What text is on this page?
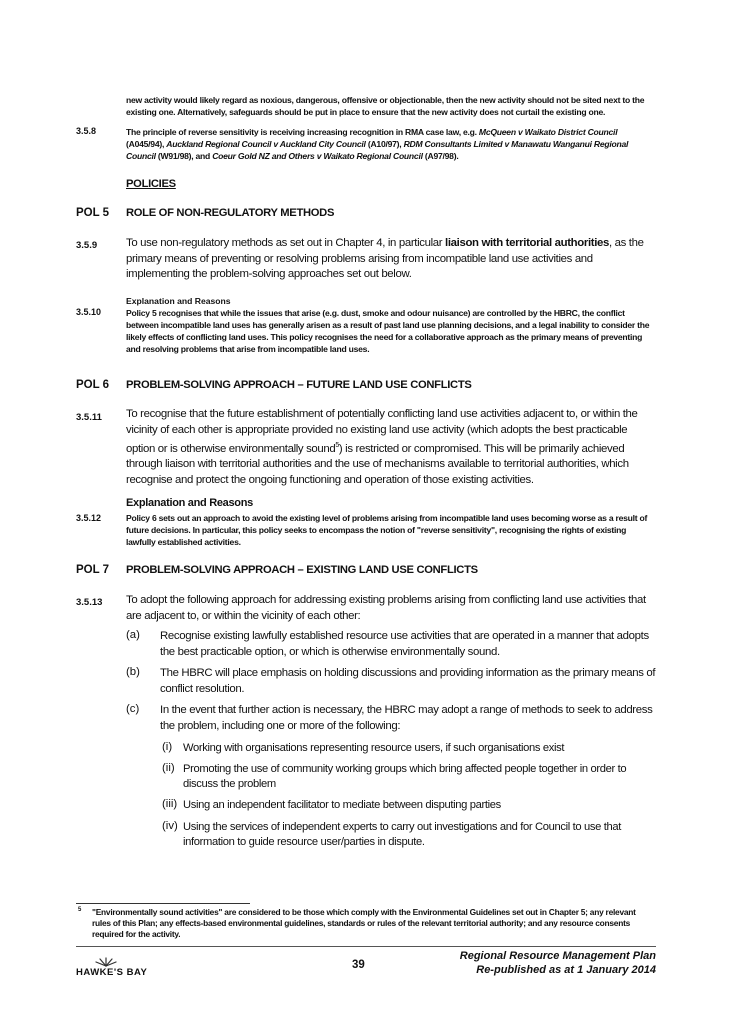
new activity would likely regard as noxious, dangerous, offensive or objectionable, then the new activity should not be sited next to the existing one. Alternatively, safeguards should be put in place to ensure that the new activity does not curtail the existing one.
3.5.8	The principle of reverse sensitivity is receiving increasing recognition in RMA case law, e.g. McQueen v Waikato District Council (A045/94), Auckland Regional Council v Auckland City Council (A10/97), RDM Consultants Limited v Manawatu Wanganui Regional Council (W91/98), and Coeur Gold NZ and Others v Waikato Regional Council (A97/98).
POLICIES
POL 5 ROLE OF NON-REGULATORY METHODS
3.5.9	To use non-regulatory methods as set out in Chapter 4, in particular liaison with territorial authorities, as the primary means of preventing or resolving problems arising from incompatible land use activities and implementing the problem-solving approaches set out below.
Explanation and Reasons
3.5.10	Policy 5 recognises that while the issues that arise (e.g. dust, smoke and odour nuisance) are controlled by the HBRC, the conflict between incompatible land uses has generally arisen as a result of past land use planning decisions, and a legal inability to consider the likely effects of conflicting land uses. This policy recognises the need for a collaborative approach as the primary means of preventing and resolving problems that arise from incompatible land uses.
POL 6 PROBLEM-SOLVING APPROACH – FUTURE LAND USE CONFLICTS
3.5.11 To recognise that the future establishment of potentially conflicting land use activities adjacent to, or within the vicinity of each other is appropriate provided no existing land use activity (which adopts the best practicable option or is otherwise environmentally sound$^5$) is restricted or compromised. This will be primarily achieved through liaison with territorial authorities and the use of mechanisms available to territorial authorities, which recognise and protect the ongoing functioning and operation of those existing activities.
Explanation and Reasons
3.5.12	Policy 6 sets out an approach to avoid the existing level of problems arising from incompatible land uses becoming worse as a result of future decisions. In particular, this policy seeks to encompass the notion of "reverse sensitivity", recognising the rights of existing lawfully established activities.
POL 7 PROBLEM-SOLVING APPROACH – EXISTING LAND USE CONFLICTS
3.5.13 To adopt the following approach for addressing existing problems arising from conflicting land use activities that are adjacent to, or within the vicinity of each other:
(a) Recognise existing lawfully established resource use activities that are operated in a manner that adopts the best practicable option, or which is otherwise environmentally sound.
(b) The HBRC will place emphasis on holding discussions and providing information as the primary means of conflict resolution.
(c) In the event that further action is necessary, the HBRC may adopt a range of methods to seek to address the problem, including one or more of the following:
(i) Working with organisations representing resource users, if such organisations exist
(ii) Promoting the use of community working groups which bring affected people together in order to discuss the problem
(iii) Using an independent facilitator to mediate between disputing parties
(iv) Using the services of independent experts to carry out investigations and for Council to use that information to guide resource user/parties in dispute.
5 "Environmentally sound activities" are considered to be those which comply with the Environmental Guidelines set out in Chapter 5; any relevant rules of this Plan; any effects-based environmental guidelines, standards or rules of the relevant territorial authority; and any resource consents required for the activity.
HAWKE'S BAY
39
Regional Resource Management Plan
Re-published as at 1 January 2014
